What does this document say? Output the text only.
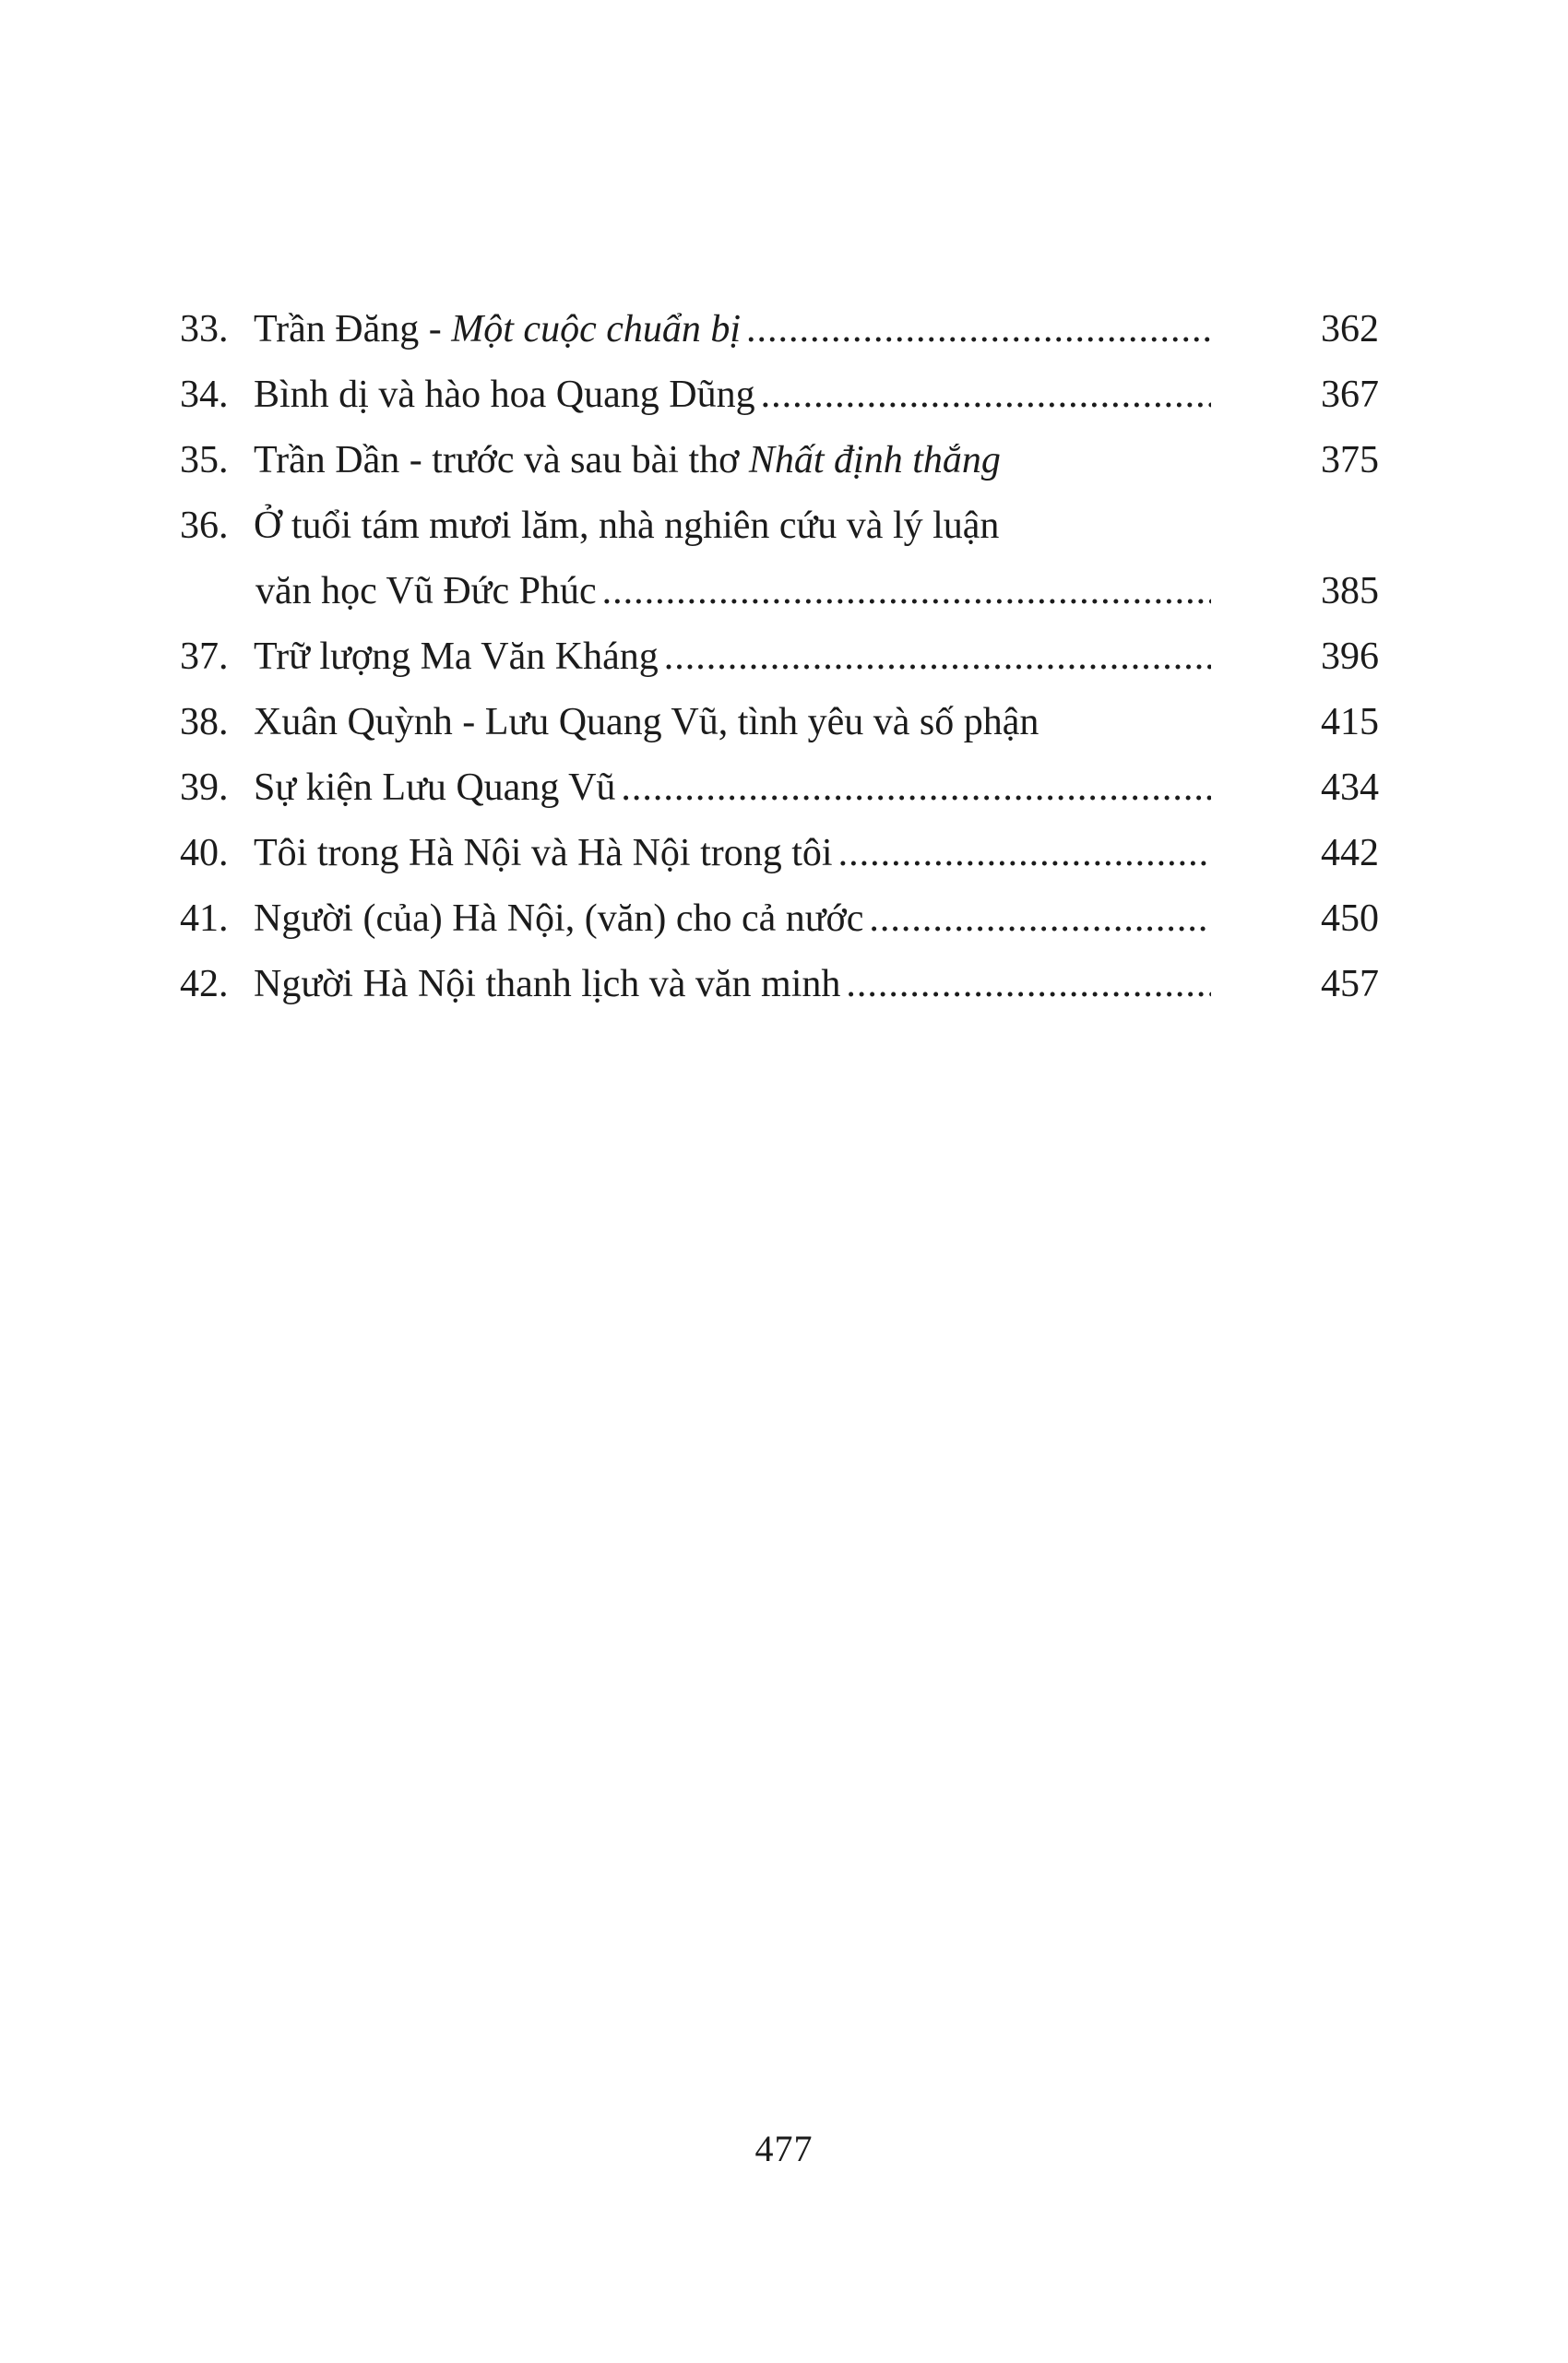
33. Trần Đăng - Một cuộc chuẩn bị .....	362
34. Bình dị và hào hoa Quang Dũng .....	367
35. Trần Dần - trước và sau bài thơ Nhất định thắng	375
36. Ở tuổi tám mươi lăm, nhà nghiên cứu và lý luận
văn học Vũ Đức Phúc .....	385
37. Trữ lượng Ma Văn Kháng .....	396
38. Xuân Quỳnh - Lưu Quang Vũ, tình yêu và số phận	415
39. Sự kiện Lưu Quang Vũ .....	434
40. Tôi trong Hà Nội và Hà Nội trong tôi .....	442
41. Người (của) Hà Nội, (văn) cho cả nước .....	450
42. Người Hà Nội thanh lịch và văn minh .....	457
477
